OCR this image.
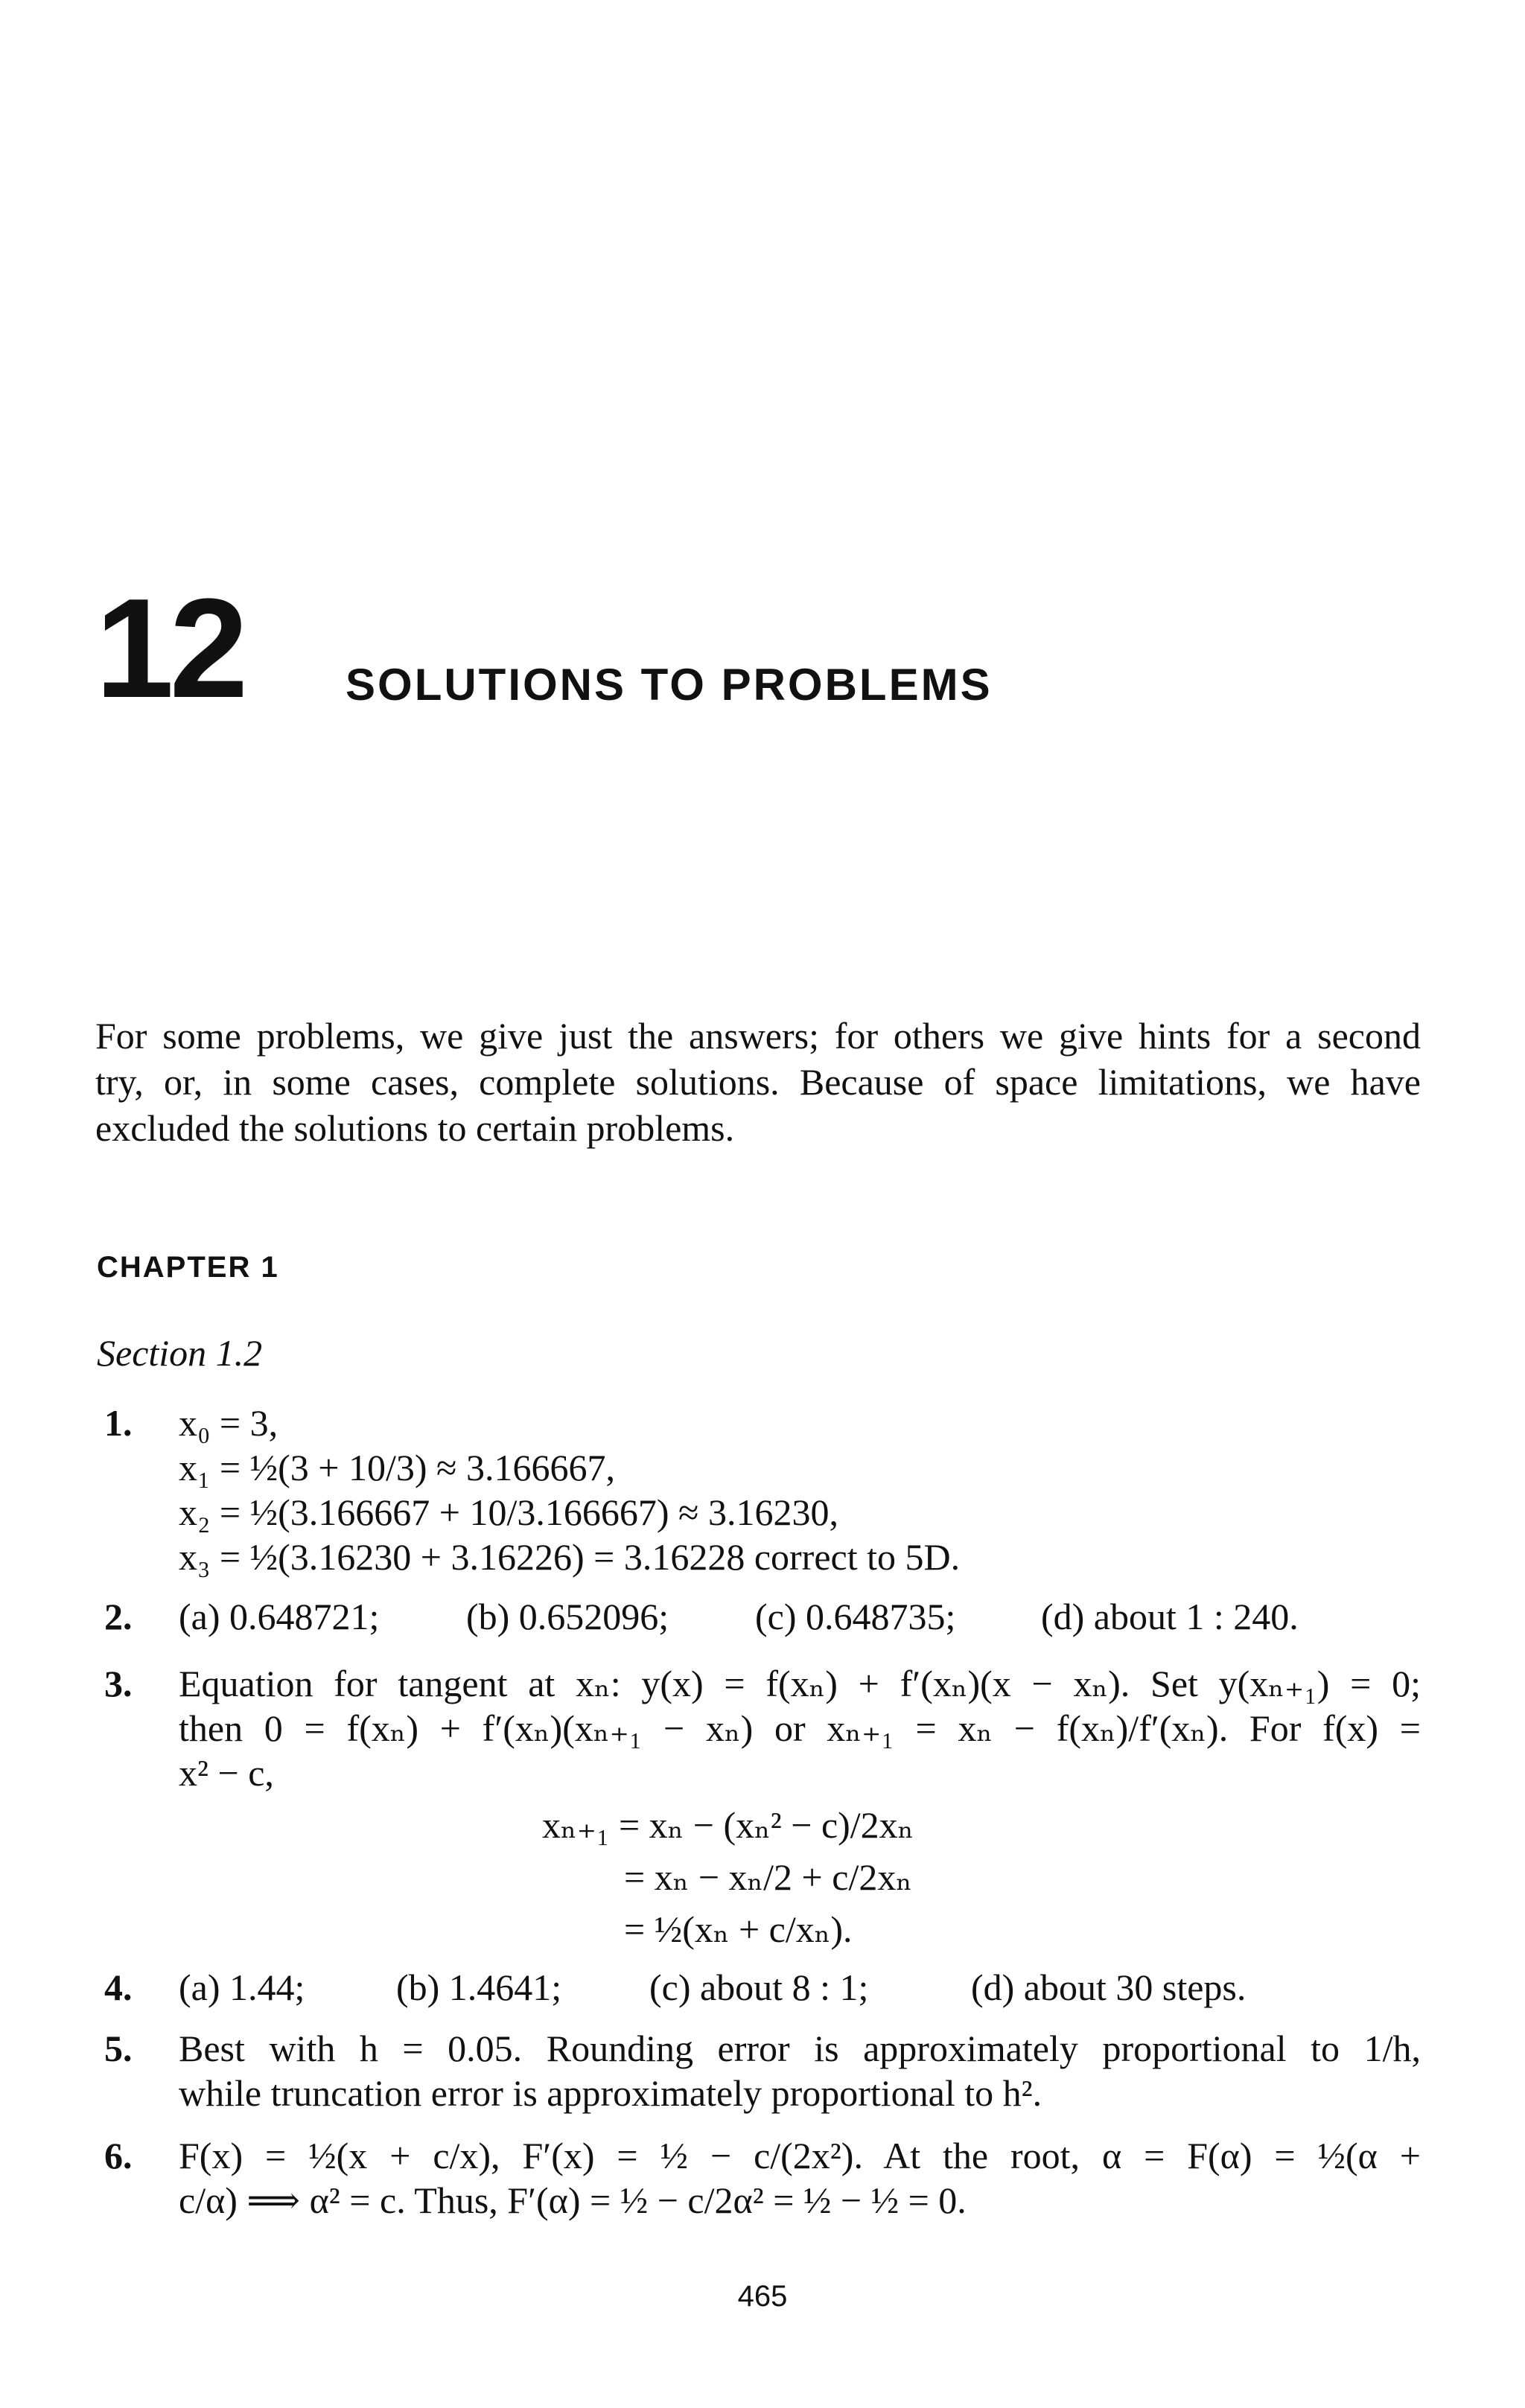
12 SOLUTIONS TO PROBLEMS
For some problems, we give just the answers; for others we give hints for a second
try, or, in some cases, complete solutions. Because of space limitations, we have
excluded the solutions to certain problems.
CHAPTER 1
Section 1.2
1. x₀ = 3,
x₁ = ½(3 + 10/3) ≈ 3.166667,
x₂ = ½(3.166667 + 10/3.166667) ≈ 3.16230,
x₃ = ½(3.16230 + 3.16226) = 3.16228 correct to 5D.
2. (a) 0.648721; (b) 0.652096; (c) 0.648735; (d) about 1 : 240.
3. Equation for tangent at xₙ: y(x) = f(xₙ) + f′(xₙ)(x − xₙ). Set y(xₙ₊₁) = 0;
then 0 = f(xₙ) + f′(xₙ)(xₙ₊₁ − xₙ) or xₙ₊₁ = xₙ − f(xₙ)/f′(xₙ). For f(x) =
x² − c,
xₙ₊₁ = xₙ − (xₙ² − c)/2xₙ
= xₙ − xₙ/2 + c/2xₙ
= ½(xₙ + c/xₙ).
4. (a) 1.44; (b) 1.4641; (c) about 8 : 1;	(d) about 30 steps.
5. Best with h = 0.05. Rounding error is approximately proportional to 1/h,
while truncation error is approximately proportional to h².
6. F(x) = ½(x + c/x), F′(x) = ½ − c/(2x²). At the root, α = F(α) = ½(α +
c/α) ⟹ α² = c. Thus, F′(α) = ½ − c/2α² = ½ − ½ = 0.
465
